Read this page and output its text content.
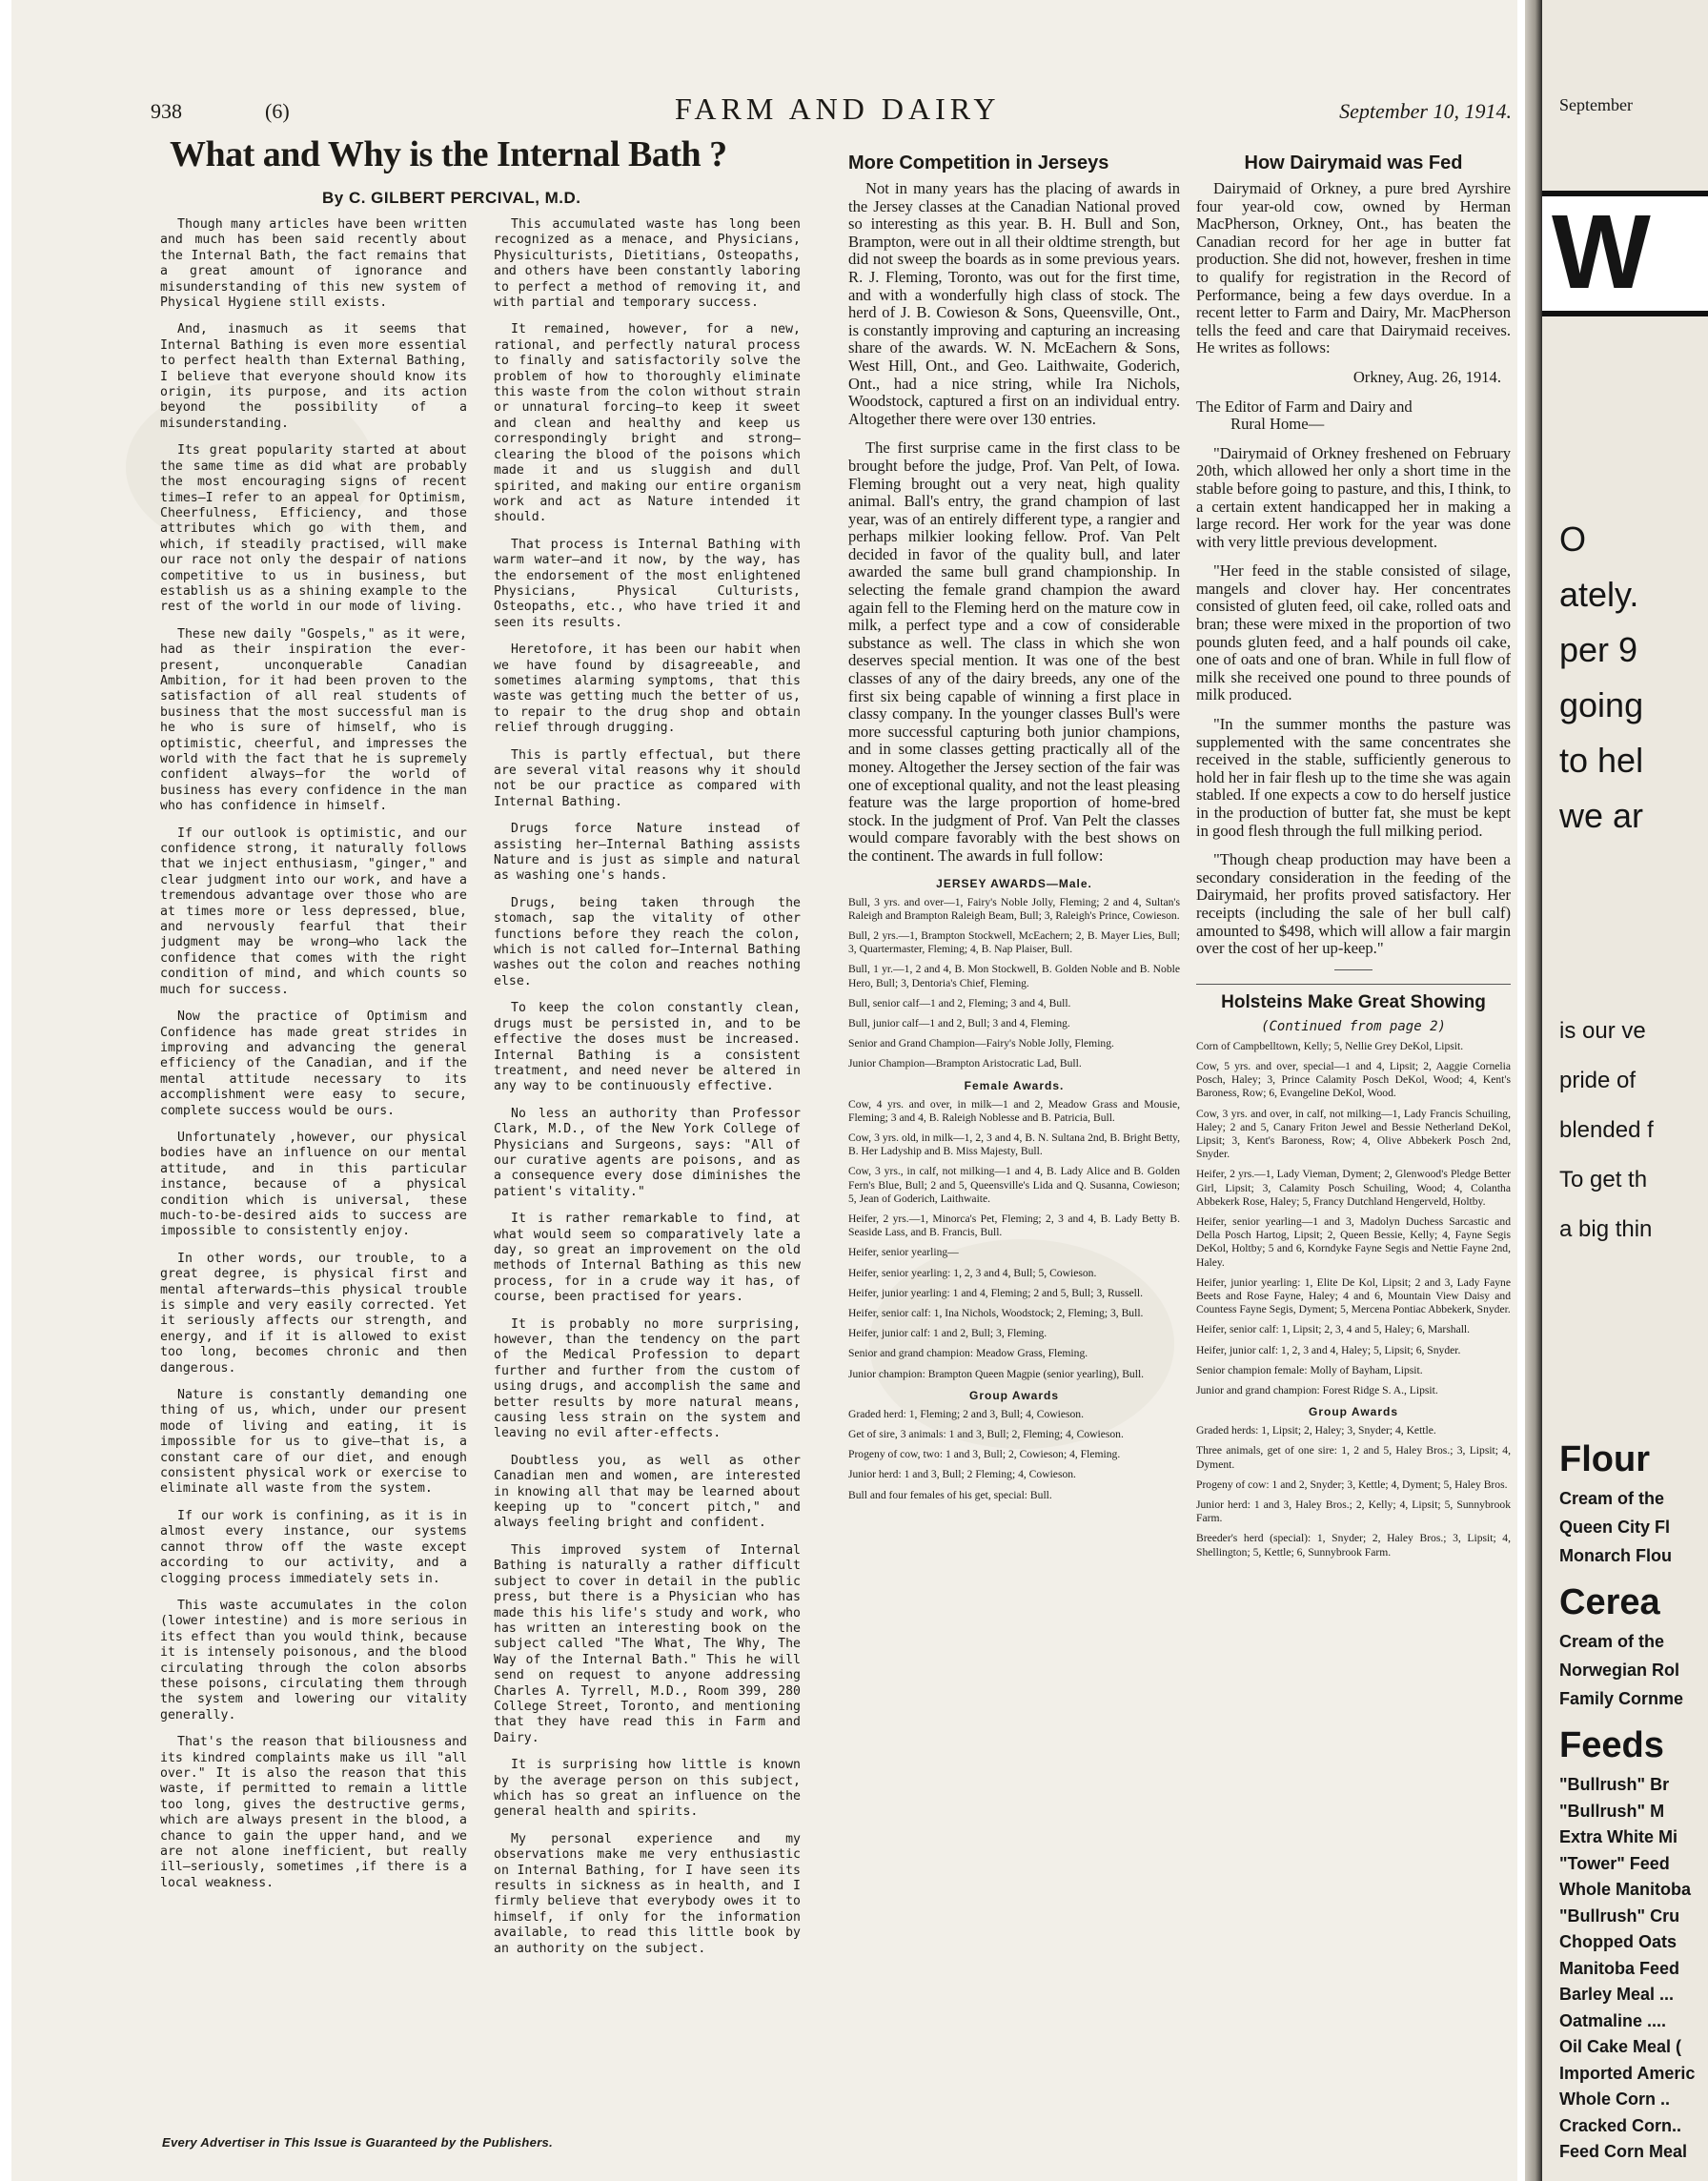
938	(6)	FARM AND DAIRY	September 10, 1914.
What and Why is the Internal Bath ?
By C. GILBERT PERCIVAL, M.D.

Though many articles have been written and much has been said recently about the Internal Bath, the fact remains that a great amount of ignorance and misunderstanding of this new system of Physical Hygiene still exists.

And, inasmuch as it seems that Internal Bathing is even more essential to perfect health than External Bathing, I believe that everyone should know its origin, its purpose, and its action beyond the possibility of a misunderstanding.

Its great popularity started at about the same time as did what are probably the most encouraging signs of recent times—I refer to an appeal for Optimism, Cheerfulness, Efficiency, and those attributes which go with them, and which, if steadily practised, will make our race not only the despair of nations competitive to us in business, but establish us as a shining example to the rest of the world in our mode of living.

These new daily "Gospels," as it were, had as their inspiration the ever-present, unconquerable Canadian Ambition, for it had been proven to the satisfaction of all real students of business that the most successful man is he who is sure of himself, who is optimistic, cheerful, and impresses the world with the fact that he is supremely confident always—for the world of business has every confidence in the man who has confidence in himself.

If our outlook is optimistic, and our confidence strong, it naturally follows that we inject enthusiasm, "ginger," and clear judgment into our work, and have a tremendous advantage over those who are at times more or less depressed, blue, and nervously fearful that their judgment may be wrong—who lack the confidence that comes with the right condition of mind, and which counts so much for success.

Now the practice of Optimism and Confidence has made great strides in improving and advancing the general efficiency of the Canadian, and if the mental attitude necessary to its accomplishment were easy to secure, complete success would be ours.

Unfortunately ,however, our physical bodies have an influence on our mental attitude, and in this particular instance, because of a physical condition which is universal, these much-to-be-desired aids to success are impossible to consistently enjoy.

In other words, our trouble, to a great degree, is physical first and mental afterwards—this physical trouble is simple and very easily corrected. Yet it seriously affects our strength, and energy, and if it is allowed to exist too long, becomes chronic and then dangerous.

Nature is constantly demanding one thing of us, which, under our present mode of living and eating, it is impossible for us to give—that is, a constant care of our diet, and enough consistent physical work or exercise to eliminate all waste from the system.

If our work is confining, as it is in almost every instance, our systems cannot throw off the waste except according to our activity, and a clogging process immediately sets in.

This waste accumulates in the colon (lower intestine) and is more serious in its effect than you would think, because it is intensely poisonous, and the blood circulating through the colon absorbs these poisons, circulating them through the system and lowering our vitality generally.

That's the reason that biliousness and its kindred complaints make us ill "all over." It is also the reason that this waste, if permitted to remain a little too long, gives the destructive germs, which are always present in the blood, a chance to gain the upper hand, and we are not alone inefficient, but really ill—seriously, sometimes ,if there is a local weakness.

This accumulated waste has long been recognized as a menace, and Physicians, Physiculturists, Dietitians, Osteopaths, and others have been constantly laboring to perfect a method of removing it, and with partial and temporary success.

It remained, however, for a new, rational, and perfectly natural process to finally and satisfactorily solve the problem of how to thoroughly eliminate this waste from the colon without strain or unnatural forcing—to keep it sweet and clean and healthy and keep us correspondingly bright and strong—clearing the blood of the poisons which made it and us sluggish and dull spirited, and making our entire organism work and act as Nature intended it should.

That process is Internal Bathing with warm water—and it now, by the way, has the endorsement of the most enlightened Physicians, Physical Culturists, Osteopaths, etc., who have tried it and seen its results.

Heretofore, it has been our habit when we have found by disagreeable, and sometimes alarming symptoms, that this waste was getting much the better of us, to repair to the drug shop and obtain relief through drugging.

This is partly effectual, but there are several vital reasons why it should not be our practice as compared with Internal Bathing.

Drugs force Nature instead of assisting her—Internal Bathing assists Nature and is just as simple and natural as washing one's hands.

Drugs, being taken through the stomach, sap the vitality of other functions before they reach the colon, which is not called for—Internal Bathing washes out the colon and reaches nothing else.

To keep the colon constantly clean, drugs must be persisted in, and to be effective the doses must be increased. Internal Bathing is a consistent treatment, and need never be altered in any way to be continuously effective.

No less an authority than Professor Clark, M.D., of the New York College of Physicians and Surgeons, says: "All of our curative agents are poisons, and as a consequence every dose diminishes the patient's vitality."

It is rather remarkable to find, at what would seem so comparatively late a day, so great an improvement on the old methods of Internal Bathing as this new process, for in a crude way it has, of course, been practised for years.

It is probably no more surprising, however, than the tendency on the part of the Medical Profession to depart further and further from the custom of using drugs, and accomplish the same and better results by more natural means, causing less strain on the system and leaving no evil after-effects.

Doubtless you, as well as other Canadian men and women, are interested in knowing all that may be learned about keeping up to "concert pitch," and always feeling bright and confident.

This improved system of Internal Bathing is naturally a rather difficult subject to cover in detail in the public press, but there is a Physician who has made this his life's study and work, who has written an interesting book on the subject called "The What, The Why, The Way of the Internal Bath." This he will send on request to anyone addressing Charles A. Tyrrell, M.D., Room 399, 280 College Street, Toronto, and mentioning that they have read this in Farm and Dairy.

It is surprising how little is known by the average person on this subject, which has so great an influence on the general health and spirits.

My personal experience and my observations make me very enthusiastic on Internal Bathing, for I have seen its results in sickness as in health, and I firmly believe that everybody owes it to himself, if only for the information available, to read this little book by an authority on the subject.

More Competition in Jerseys

Not in many years has the placing of awards in the Jersey classes at the Canadian National proved so interesting as this year. B. H. Bull and Son, Brampton, were out in all their oldtime strength, but did not sweep the boards as in some previous years. R. J. Fleming, Toronto, was out for the first time, and with a wonderfully high class of stock. The herd of J. B. Cowieson & Sons, Queensville, Ont., is constantly improving and capturing an increasing share of the awards. W. N. McEachern & Sons, West Hill, Ont., and Geo. Laithwaite, Goderich, Ont., had a nice string, while Ira Nichols, Woodstock, captured a first on an individual entry. Altogether there were over 130 entries.

The first surprise came in the first class to be brought before the judge, Prof. Van Pelt, of Iowa. Fleming brought out a very neat, high quality animal. Ball's entry, the grand champion of last year, was of an entirely different type, a rangier and perhaps milkier looking fellow. Prof. Van Pelt decided in favor of the quality bull, and later awarded the same bull grand championship. In selecting the female grand champion the award again fell to the Fleming herd on the mature cow in milk, a perfect type and a cow of considerable substance as well. The class in which she won deserves special mention. It was one of the best classes of any of the dairy breeds, any one of the first six being capable of winning a first place in classy company. In the younger classes Bull's were more successful capturing both junior champions, and in some classes getting practically all of the money. Altogether the Jersey section of the fair was one of exceptional quality, and not the least pleasing feature was the large proportion of home-bred stock. In the judgment of Prof. Van Pelt the classes would compare favorably with the best shows on the continent. The awards in full follow:

JERSEY AWARDS—Male.

Bull, 3 yrs. and over—1, Fairy's Noble Jolly, Fleming; 2 and 4, Sultan's Raleigh and Brampton Raleigh Beam, Bull; 3, Raleigh's Prince, Cowieson.

Bull, 2 yrs.—1, Brampton Stockwell, McEachern; 2, B. Mayer Lies, Bull; 3, Quartermaster, Fleming; 4, B. Nap Plaiser, Bull.

Bull, 1 yr.—1, 2 and 4, B. Mon Stockwell, B. Golden Noble and B. Noble Hero, Bull; 3, Dentoria's Chief, Fleming.

Bull, senior calf—1 and 2, Fleming; 3 and 4, Bull.

Bull, junior calf—1 and 2, Bull; 3 and 4, Fleming.

Senior and Grand Champion—Fairy's Noble Jolly, Fleming.

Junior Champion—Brampton Aristocratic Lad, Bull.

Female Awards.

Cow, 4 yrs. and over, in milk—1 and 2, Meadow Grass and Mousie, Fleming; 3 and 4, B. Raleigh Noblesse and B. Patricia, Bull.

Cow, 3 yrs. old, in milk—1, 2, 3 and 4, B. N. Sultana 2nd, B. Bright Betty, B. Her Ladyship and B. Miss Majesty, Bull.

Cow, 3 yrs., in calf, not milking—1 and 4, B. Lady Alice and B. Golden Fern's Blue, Bull; 2 and 5, Queensville's Lida and Q. Susanna, Cowieson; 5, Jean of Goderich, Laithwaite.

Heifer, 2 yrs.—1, Minorca's Pet, Fleming; 2, 3 and 4, B. Lady Betty B. Seaside Lass, and B. Francis, Bull.

Heifer, senior yearling—

Heifer, senior yearling: 1, 2, 3 and 4, Bull; 5, Cowieson.

Heifer, junior yearling: 1 and 4, Fleming; 2 and 5, Bull; 3, Russell.

Heifer, senior calf: 1, Ina Nichols, Woodstock; 2, Fleming; 3, Bull.

Heifer, junior calf: 1 and 2, Bull; 3, Fleming.

Senior and grand champion: Meadow Grass, Fleming.

Junior champion: Brampton Queen Magpie (senior yearling), Bull.

Group Awards

Graded herd: 1, Fleming; 2 and 3, Bull; 4, Cowieson.

Get of sire, 3 animals: 1 and 3, Bull; 2, Fleming; 4, Cowieson.

Progeny of cow, two: 1 and 3, Bull; 2, Cowieson; 4, Fleming.

Junior herd: 1 and 3, Bull; 2 Fleming; 4, Cowieson.

Bull and four females of his get, special: Bull.

How Dairymaid was Fed

Dairymaid of Orkney, a pure bred Ayrshire four year-old cow, owned by Herman MacPherson, Orkney, Ont., has beaten the Canadian record for her age in butter fat production. She did not, however, freshen in time to qualify for registration in the Record of Performance, being a few days overdue. In a recent letter to Farm and Dairy, Mr. MacPherson tells the feed and care that Dairymaid receives. He writes as follows:

Orkney, Aug. 26, 1914.

The Editor of Farm and Dairy and

Rural Home—

"Dairymaid of Orkney freshened on February 20th, which allowed her only a short time in the stable before going to pasture, and this, I think, to a certain extent handicapped her in making a large record. Her work for the year was done with very little previous development.

"Her feed in the stable consisted of silage, mangels and clover hay. Her concentrates consisted of gluten feed, oil cake, rolled oats and bran; these were mixed in the proportion of two pounds gluten feed, and a half pounds oil cake, one of oats and one of bran. While in full flow of milk she received one pound to three pounds of milk produced.

"In the summer months the pasture was supplemented with the same concentrates she received in the stable, sufficiently generous to hold her in fair flesh up to the time she was again stabled. If one expects a cow to do herself justice in the production of butter fat, she must be kept in good flesh through the full milking period.

"Though cheap production may have been a secondary consideration in the feeding of the Dairymaid, her profits proved satisfactory. Her receipts (including the sale of her bull calf) amounted to $498, which will allow a fair margin over the cost of her up-keep."

Holsteins Make Great Showing
(Continued from page 2)

Corn of Campbelltown, Kelly; 5, Nellie Grey DeKol, Lipsit.

Cow, 5 yrs. and over, special—1 and 4, Lipsit; 2, Aaggie Cornelia Posch, Haley; 3, Prince Calamity Posch DeKol, Wood; 4, Kent's Baroness, Row; 6, Evangeline DeKol, Wood.

Cow, 3 yrs. and over, in calf, not milking—1, Lady Francis Schuiling, Haley; 2 and 5, Canary Friton Jewel and Bessie Netherland DeKol, Lipsit; 3, Kent's Baroness, Row; 4, Olive Abbekerk Posch 2nd, Snyder.

Heifer, 2 yrs.—1, Lady Vieman, Dyment; 2, Glenwood's Pledge Better Girl, Lipsit; 3, Calamity Posch Schuiling, Wood; 4, Colantha Abbekerk Rose, Haley; 5, Francy Dutchland Hengerveld, Holtby.

Heifer, senior yearling—1 and 3, Madolyn Duchess Sarcastic and Della Posch Hartog, Lipsit; 2, Queen Bessie, Kelly; 4, Fayne Segis DeKol, Holtby; 5 and 6, Korndyke Fayne Segis and Nettie Fayne 2nd, Haley.

Heifer, junior yearling: 1, Elite De Kol, Lipsit; 2 and 3, Lady Fayne Beets and Rose Fayne, Haley; 4 and 6, Mountain View Daisy and Countess Fayne Segis, Dyment; 5, Mercena Pontiac Abbekerk, Snyder.

Heifer, senior calf: 1, Lipsit; 2, 3, 4 and 5, Haley; 6, Marshall.

Heifer, junior calf: 1, 2, 3 and 4, Haley; 5, Lipsit; 6, Snyder.

Senior champion female: Molly of Bayham, Lipsit.

Junior and grand champion: Forest Ridge S. A., Lipsit.

Group Awards

Graded herds: 1, Lipsit; 2, Haley; 3, Snyder; 4, Kettle.

Three animals, get of one sire: 1, 2 and 5, Haley Bros.; 3, Lipsit; 4, Dyment.

Progeny of cow: 1 and 2, Snyder; 3, Kettle; 4, Dyment; 5, Haley Bros.

Junior herd: 1 and 3, Haley Bros.; 2, Kelly; 4, Lipsit; 5, Sunnybrook Farm.

Breeder's herd (special): 1, Snyder; 2, Haley Bros.; 3, Lipsit; 4, Shellington; 5, Kettle; 6, Sunnybrook Farm.

Every Advertiser in This Issue is Guaranteed by the Publishers.
September
W
O
ately.
per 9
going
to hel
we ar
is our ve
pride of
blended f
To get th
a big thin
Flour
Cream of the
Queen City Fl
Monarch Flou
Cerea
Cream of the
Norwegian Rol
Family Cornme
Feeds
"Bullrush" Br
"Bullrush" M
Extra White Mi
"Tower" Feed
Whole Manitoba
"Bullrush" Cru
Chopped Oats
Manitoba Feed
Barley Meal ...
Oatmaline ....
Oil Cake Meal (
Imported Americ
Whole Corn ..
Cracked Corn..
Feed Corn Meal
